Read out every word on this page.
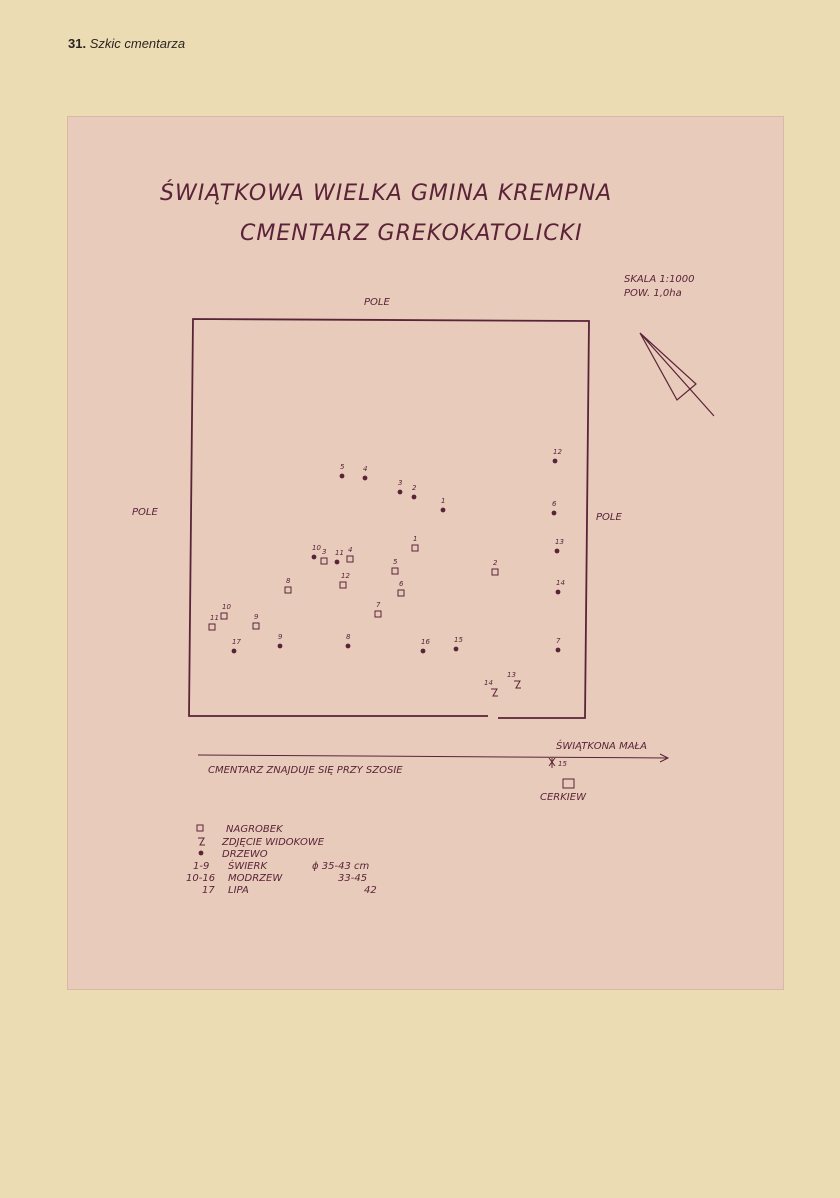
31. Szkic cmentarza
ŚWIĄTKOWA WIELKA GMINA KREMPNA
CMENTARZ GREKOKATOLICKI
SKALA 1:1000
POW. 1,0ha
POLE
POLE	POLE
5	4
3
2
1
12
6
13
14
10
11
17
9	8
16	15	7
1
2
3	4
5
6
7
8
9
10
11
12
14
13
ŚWIĄTKONA MAŁA
CMENTARZ ZNAJDUJE SIĘ PRZY SZOSIE
15
CERKIEW
NAGROBEK
ZDJĘCIE WIDOKOWE
DRZEWO
1-9 ŚWIERK	ϕ 35-43 cm
10-16 MODRZEW	33-45
17 LIPA	42
